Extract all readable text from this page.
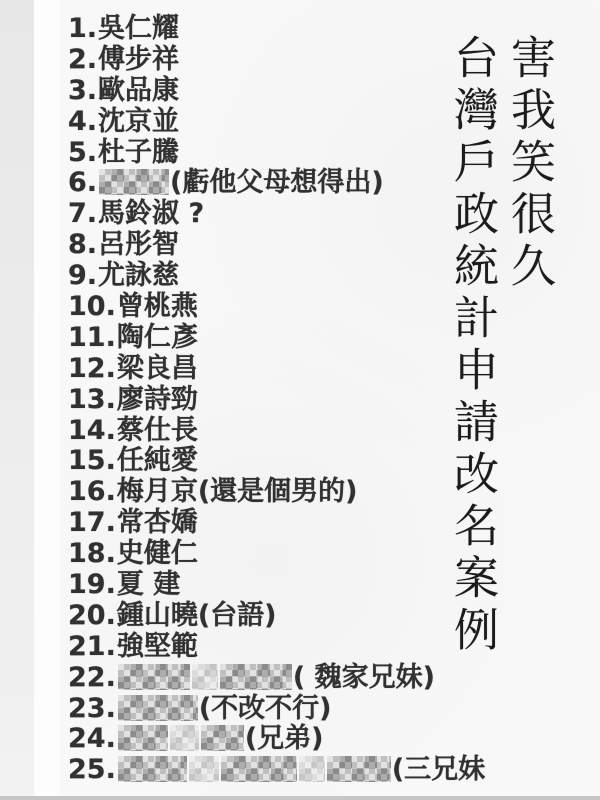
害我笑很久
台灣戶政統計申請改名案例
1.吳仁耀
2.傅步祥
3.歐品康
4.沈京並
5.杜子騰
6.	(虧他父母想得出)
7.馬鈴淑 ?
8.呂彤智
9.尤詠慈
10.曾桃燕
11.陶仁彥
12.梁良昌
13.廖詩勁
14.蔡仕長
15.任純愛
16.梅月京(還是個男的)
17.常杏嬌
18.史健仁
19.夏 建
20.鍾山曉(台語)
21.強堅範
22.	( 魏家兄妹)
23.	(不改不行)
24.	(兄弟)
25.	(三兄妹
